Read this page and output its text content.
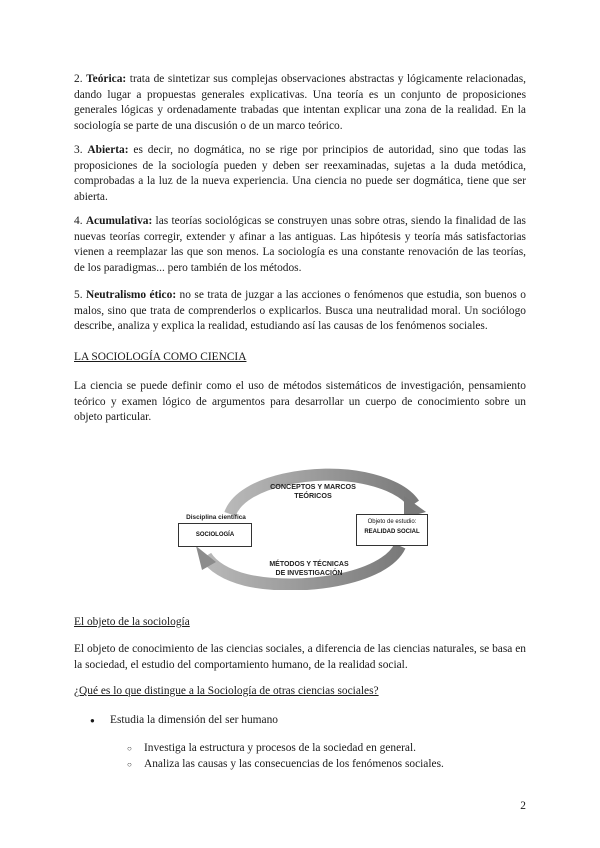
2. Teórica: trata de sintetizar sus complejas observaciones abstractas y lógicamente relacionadas, dando lugar a propuestas generales explicativas. Una teoría es un conjunto de proposiciones generales lógicas y ordenadamente trabadas que intentan explicar una zona de la realidad. En la sociología se parte de una discusión o de un marco teórico.

3. Abierta: es decir, no dogmática, no se rige por principios de autoridad, sino que todas las proposiciones de la sociología pueden y deben ser reexaminadas, sujetas a la duda metódica, comprobadas a la luz de la nueva experiencia. Una ciencia no puede ser dogmática, tiene que ser abierta.

4. Acumulativa: las teorías sociológicas se construyen unas sobre otras, siendo la finalidad de las nuevas teorías corregir, extender y afinar a las antiguas. Las hipótesis y teoría más satisfactorias vienen a reemplazar las que son menos. La sociología es una constante renovación de las teorías, de los paradigmas... pero también de los métodos.

5. Neutralismo ético: no se trata de juzgar a las acciones o fenómenos que estudia, son buenos o malos, sino que trata de comprenderlos o explicarlos. Busca una neutralidad moral. Un sociólogo describe, analiza y explica la realidad, estudiando así las causas de los fenómenos sociales.

LA SOCIOLOGÍA COMO CIENCIA

La ciencia se puede definir como el uso de métodos sistemáticos de investigación, pensamiento teórico y examen lógico de argumentos para desarrollar un cuerpo de conocimiento sobre un objeto particular.

CONCEPTOS Y MARCOS
TEÓRICOS
Disciplina científica
SOCIOLOGÍA
Objeto de estudio:
REALIDAD SOCIAL
MÉTODOS Y TÉCNICAS
DE INVESTIGACIÓN

El objeto de la sociología

El objeto de conocimiento de las ciencias sociales, a diferencia de las ciencias naturales, se basa en la sociedad, el estudio del comportamiento humano, de la realidad social.

¿Qué es lo que distingue a la Sociología de otras ciencias sociales?

● Estudia la dimensión del ser humano

○ Investiga la estructura y procesos de la sociedad en general.

○ Analiza las causas y las consecuencias de los fenómenos sociales.

2
